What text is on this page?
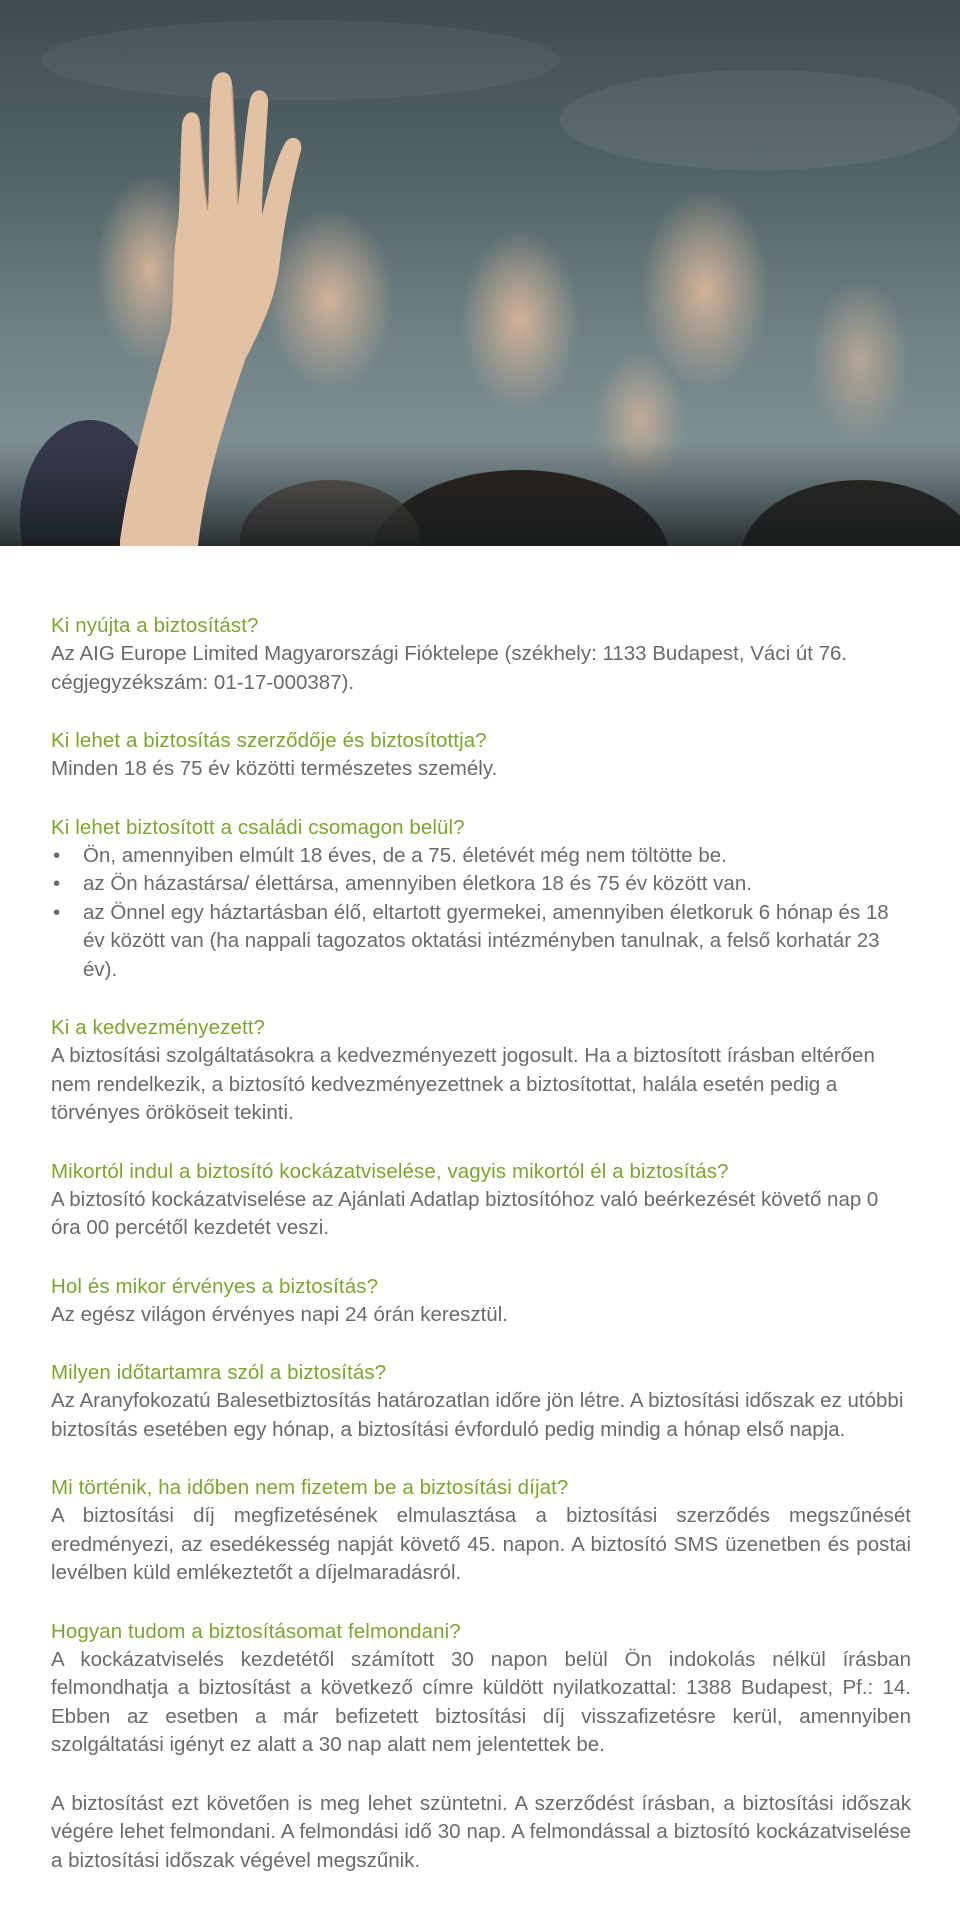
Ki nyújta a biztosítást?

Az AIG Europe Limited Magyarországi Fióktelepe (székhely: 1133 Budapest, Váci út 76. cégjegyzékszám: 01-17-000387).

Ki lehet a biztosítás szerződője és biztosítottja?

Minden 18 és 75 év közötti természetes személy.

Ki lehet biztosított a családi csomagon belül?
• Ön, amennyiben elmúlt 18 éves, de a 75. életévét még nem töltötte be.
• az Ön házastársa/ élettársa, amennyiben életkora 18 és 75 év között van.
• az Önnel egy háztartásban élő, eltartott gyermekei, amennyiben életkoruk 6 hónap és 18 év között van (ha nappali tagozatos oktatási intézményben tanulnak, a felső korhatár 23 év).
Ki a kedvezményezett?

A biztosítási szolgáltatásokra a kedvezményezett jogosult. Ha a biztosított írásban eltérően nem rendelkezik, a biztosító kedvezményezettnek a biztosítottat, halála esetén pedig a törvényes örököseit tekinti.

Mikortól indul a biztosító kockázatviselése, vagyis mikortól él a biztosítás?

A biztosító kockázatviselése az Ajánlati Adatlap biztosítóhoz való beérkezését követő nap 0 óra 00 percétől kezdetét veszi.

Hol és mikor érvényes a biztosítás?

Az egész világon érvényes napi 24 órán keresztül.

Milyen időtartamra szól a biztosítás?

Az Aranyfokozatú Balesetbiztosítás határozatlan időre jön létre. A biztosítási időszak ez utóbbi biztosítás esetében egy hónap, a biztosítási évforduló pedig mindig a hónap első napja.

Mi történik, ha időben nem fizetem be a biztosítási díjat?

A biztosítási díj megfizetésének elmulasztása a biztosítási szerződés megszűnését eredményezi, az esedékesség napját követő 45. napon. A biztosító SMS üzenetben és postai levélben küld emlékeztetőt a díjelmaradásról.

Hogyan tudom a biztosításomat felmondani?

A kockázatviselés kezdetétől számított 30 napon belül Ön indokolás nélkül írásban felmondhatja a biztosítást a következő címre küldött nyilatkozattal: 1388 Budapest, Pf.: 14. Ebben az esetben a már befizetett biztosítási díj visszafizetésre kerül, amennyiben szolgáltatási igényt ez alatt a 30 nap alatt nem jelentettek be.

A biztosítást ezt követően is meg lehet szüntetni. A szerződést írásban, a biztosítási időszak végére lehet felmondani. A felmondási idő 30 nap. A felmondással a biztosító kockázatviselése a biztosítási időszak végével megszűnik.
